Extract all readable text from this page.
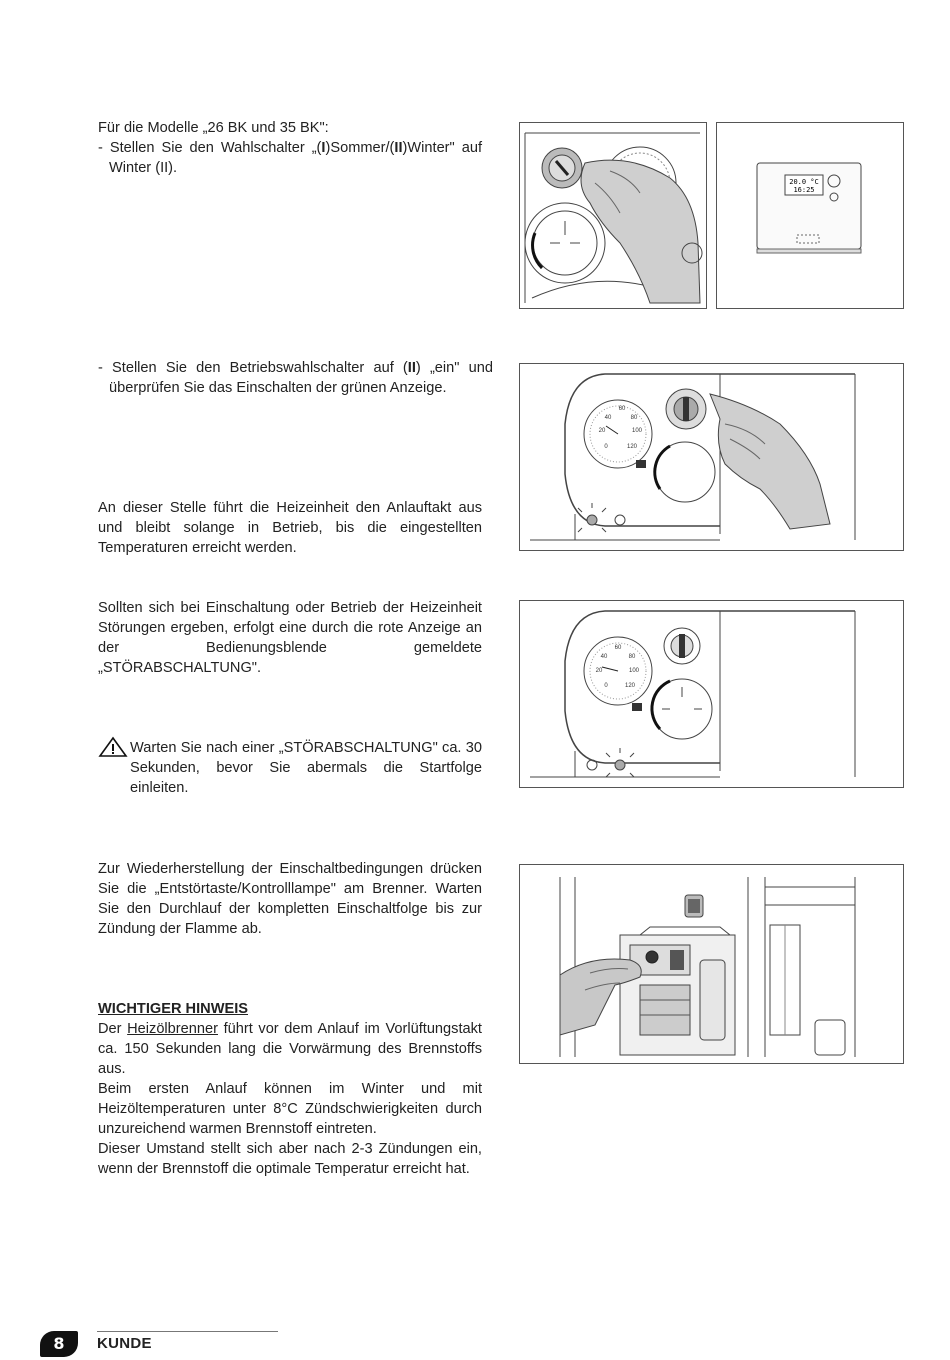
Für die Modelle „26 BK und 35 BK":

- Stellen Sie den Wahlschalter „(I)Sommer/(II)Winter" auf Winter (II).

20.0 °C
16:25
- Stellen Sie den Betriebswahlschalter auf (II) „ein" und überprüfen Sie das Einschalten der grünen Anzeige.
0
20
40
60
80
100
120
An dieser Stelle führt die Heizeinheit den Anlauftakt aus und bleibt solange in Betrieb, bis die eingestellten Temperaturen erreicht werden.
Sollten sich bei Einschaltung oder Betrieb der Heizeinheit Störungen ergeben, erfolgt eine durch die rote Anzeige an der Bedienungsblende gemeldete „STÖRABSCHALTUNG".
0
20
40
60
80
100
120
Warten Sie nach einer „STÖRABSCHALTUNG" ca. 30 Sekunden, bevor Sie abermals die Startfolge einleiten.
Zur Wiederherstellung der Einschaltbedingungen drücken Sie die „Entstörtaste/Kontrolllampe" am Brenner. Warten Sie den Durchlauf der kompletten Einschaltfolge bis zur Zündung der Flamme ab.

WICHTIGER HINWEIS

Der Heizölbrenner führt vor dem Anlauf im Vorlüftungstakt ca. 150 Sekunden lang die Vorwärmung des Brennstoffs aus.

Beim ersten Anlauf können im Winter und mit Heizöltemperaturen unter 8°C Zündschwierigkeiten durch unzureichend warmen Brennstoff eintreten.

Dieser Umstand stellt sich aber nach 2-3 Zündungen ein, wenn der Brennstoff die optimale Temperatur erreicht hat.

8	KUNDE
